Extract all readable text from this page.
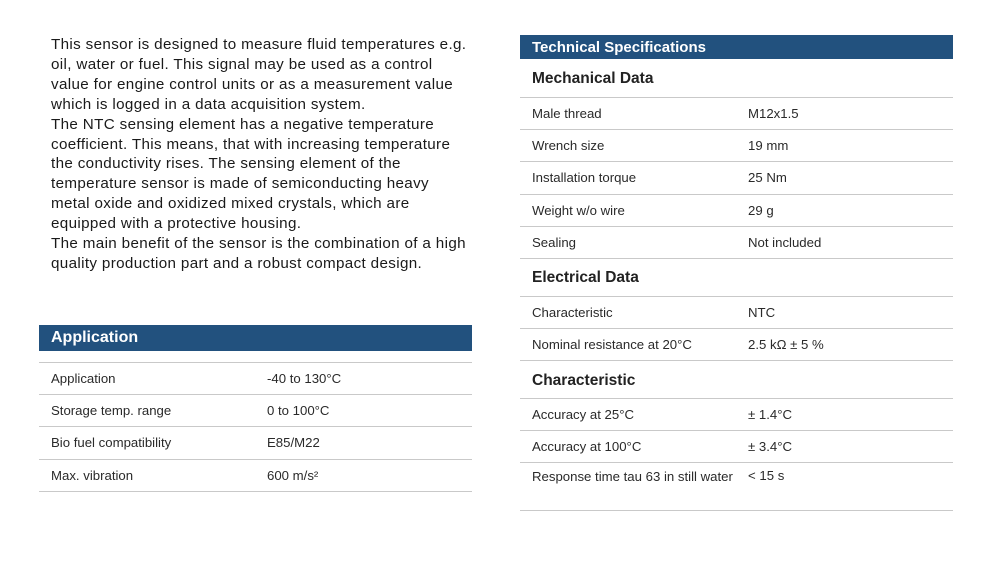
This sensor is designed to measure fluid temperatures e.g. oil, water or fuel. This signal may be used as a control value for engine control units or as a measurement value which is logged in a data acquisition system.

The NTC sensing element has a negative temperature coefficient. This means, that with increasing temperature the conductivity rises. The sensing element of the temperature sensor is made of semiconducting heavy metal oxide and oxidized mixed crystals, which are equipped with a protective housing.

The main benefit of the sensor is the combination of a high quality production part and a robust compact design.

Application
Application	-40 to 130°C
Storage temp. range	0 to 100°C
Bio fuel compatibility	E85/M22
Max. vibration	600 m/s²
Technical Specifications
Mechanical Data
Male thread	M12x1.5
Wrench size	19 mm
Installation torque	25 Nm
Weight w/o wire	29 g
Sealing	Not included
Electrical Data
Characteristic	NTC
Nominal resistance at 20°C	2.5 kΩ ± 5 %
Characteristic
Accuracy at 25°C	± 1.4°C
Accuracy at 100°C	± 3.4°C
Response time tau 63 in still water	< 15 s
